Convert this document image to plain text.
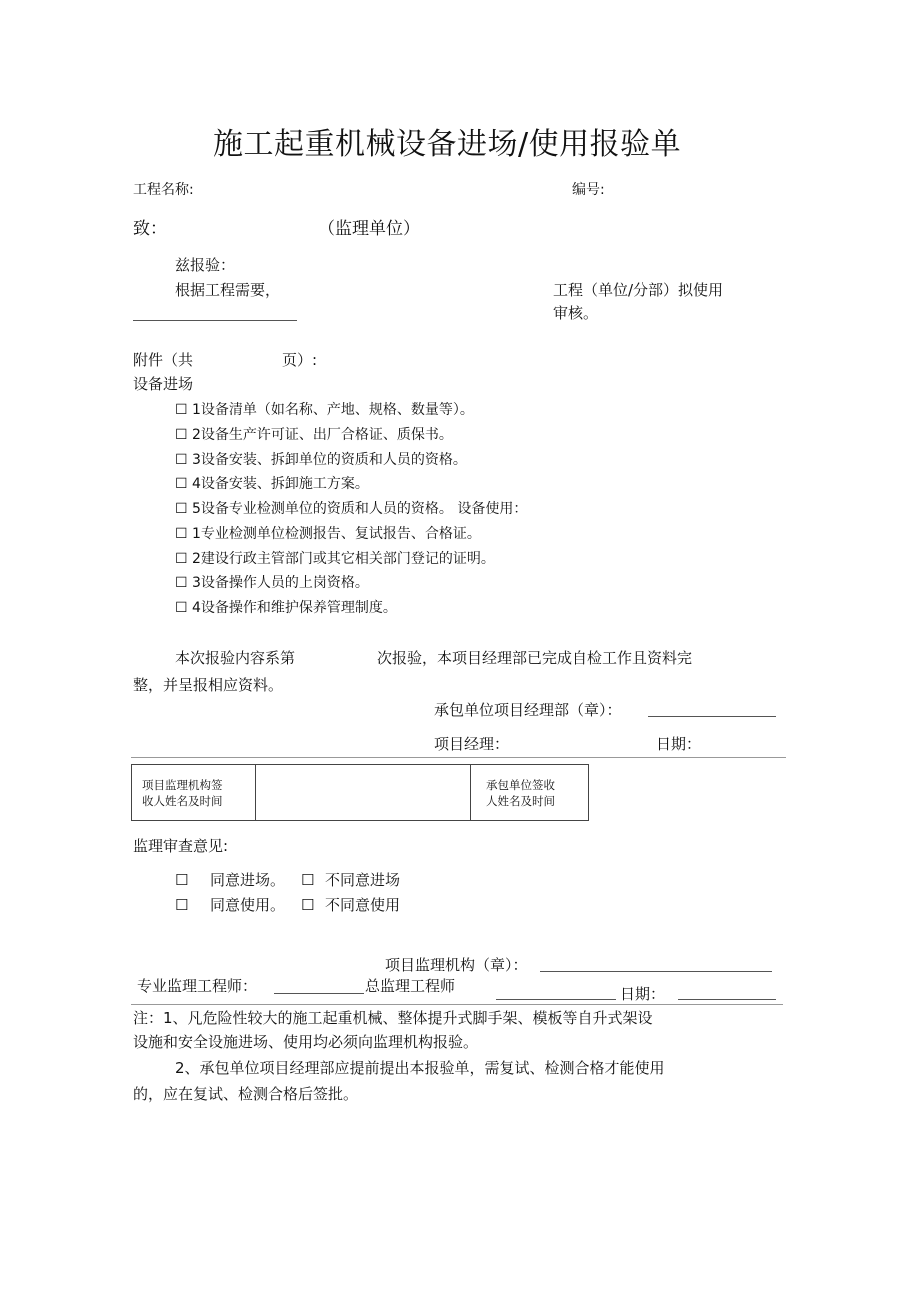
施工起重机械设备进场/使用报验单
工程名称:	编号:
致：	（监理单位）
兹报验：
根据工程需要，	工程（单位/分部）拟使用
审核。
附件（共	页）:
设备进场
☐ 1设备清单（如名称、产地、规格、数量等）。
☐ 2设备生产许可证、出厂合格证、质保书。
☐ 3设备安装、拆卸单位的资质和人员的资格。
☐ 4设备安装、拆卸施工方案。
☐ 5设备专业检测单位的资质和人员的资格。 设备使用：
☐ 1专业检测单位检测报告、复试报告、合格证。
☐ 2建设行政主管部门或其它相关部门登记的证明。
☐ 3设备操作人员的上岗资格。
☐ 4设备操作和维护保养管理制度。
本次报验内容系第	次报验，本项目经理部已完成自检工作且资料完
整，并呈报相应资料。
承包单位项目经理部（章）：
项目经理：	日期：
项目监理机构签
收人姓名及时间		承包单位签收
人姓名及时间
监理审查意见:
☐ 同意进场。 ☐ 不同意进场
☐ 同意使用。 ☐ 不同意使用
项目监理机构（章）：
专业监理工程师：	总监理工程师	日期：
注：1、凡危险性较大的施工起重机械、整体提升式脚手架、模板等自升式架设
设施和安全设施进场、使用均必须向监理机构报验。
2、承包单位项目经理部应提前提出本报验单，需复试、检测合格才能使用
的，应在复试、检测合格后签批。
